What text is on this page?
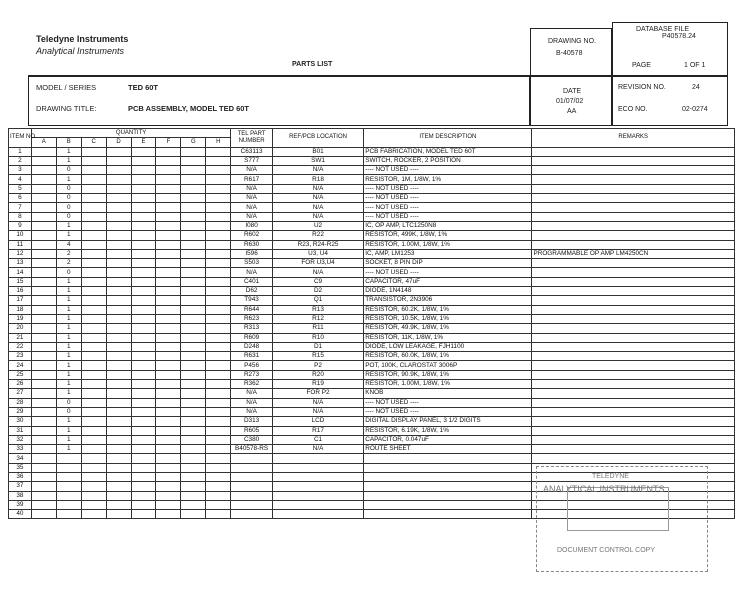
Teledyne Instruments
Analytical Instruments
PARTS LIST
DRAWING NO.
B-40578
DATABASE FILE
P40578.24
PAGE	1 OF 1
MODEL / SERIES	TED 60T
DRAWING TITLE:	PCB ASSEMBLY, MODEL TED 60T
DATE
01/07/02
AA
REVISION NO.	24
ECO NO.	02-0274
ITEM NO.	QUANTITY								TEL PART NUMBER	REF/PCB LOCATION	ITEM DESCRIPTION	REMARKS
	A	B	C	D	E	F	G	H				
1		1							C63113	B01	PCB FABRICATION, MODEL TED 60T	
2		1							S777	SW1	SWITCH, ROCKER, 2 POSITION	
3		0							N/A	N/A	---- NOT USED ----	
4		1							R617	R18	RESISTOR, 1M, 1/8W, 1%	
5		0							N/A	N/A	---- NOT USED ----	
6		0							N/A	N/A	---- NOT USED ----	
7		0							N/A	N/A	---- NOT USED ----	
8		0							N/A	N/A	---- NOT USED ----	
9		1							I080	U2	IC, OP AMP, LTC1250N8	
10		1							R602	R22	RESISTOR, 499K, 1/8W, 1%	
11		4							R630	R23, R24-R25	RESISTOR, 1.00M, 1/8W, 1%	
12		2							I596	U3, U4	IC, AMP, LM1253	PROGRAMMABLE OP AMP LM4250CN
13		2							S503	FOR U3,U4	SOCKET, 8 PIN DIP	
14		0							N/A	N/A	---- NOT USED ----	
15		1							C401	C9	CAPACITOR, 47uF	
16		1							D62	D2	DIODE, 1N4148	
17		1							T943	Q1	TRANSISTOR, 2N3906	
18		1							R644	R13	RESISTOR, 60.2K, 1/8W, 1%	
19		1							R623	R12	RESISTOR, 10.5K, 1/8W, 1%	
20		1							R313	R11	RESISTOR, 49.9K, 1/8W, 1%	
21		1							R609	R10	RESISTOR, 11K, 1/8W, 1%	
22		1							D248	D1	DIODE, LOW LEAKAGE, FJH1100	
23		1							R631	R15	RESISTOR, 60.0K, 1/8W, 1%	
24		1							P456	P2	POT, 100K, CLAROSTAT 3006P	
25		1							R273	R20	RESISTOR, 90.9K, 1/8W, 1%	
26		1							R362	R19	RESISTOR, 1.00M, 1/8W, 1%	
27		1							N/A	FOR P2	KNOB	
28		0							N/A	N/A	---- NOT USED ----	
29		0							N/A	N/A	---- NOT USED ----	
30		1							D313	LCD	DIGITAL DISPLAY PANEL, 3 1/2 DIGITS	
31		1							R605	R17	RESISTOR, 6.19K, 1/8W, 1%	
32		1							C380	C1	CAPACITOR, 0.047uF	
33		1							B40578-RS	N/A	ROUTE SHEET	
34												
35												
36												
37												
38												
39												
40												
TELEDYNE
ANALYTICAL INSTRUMENTS
DOCUMENT CONTROL COPY
